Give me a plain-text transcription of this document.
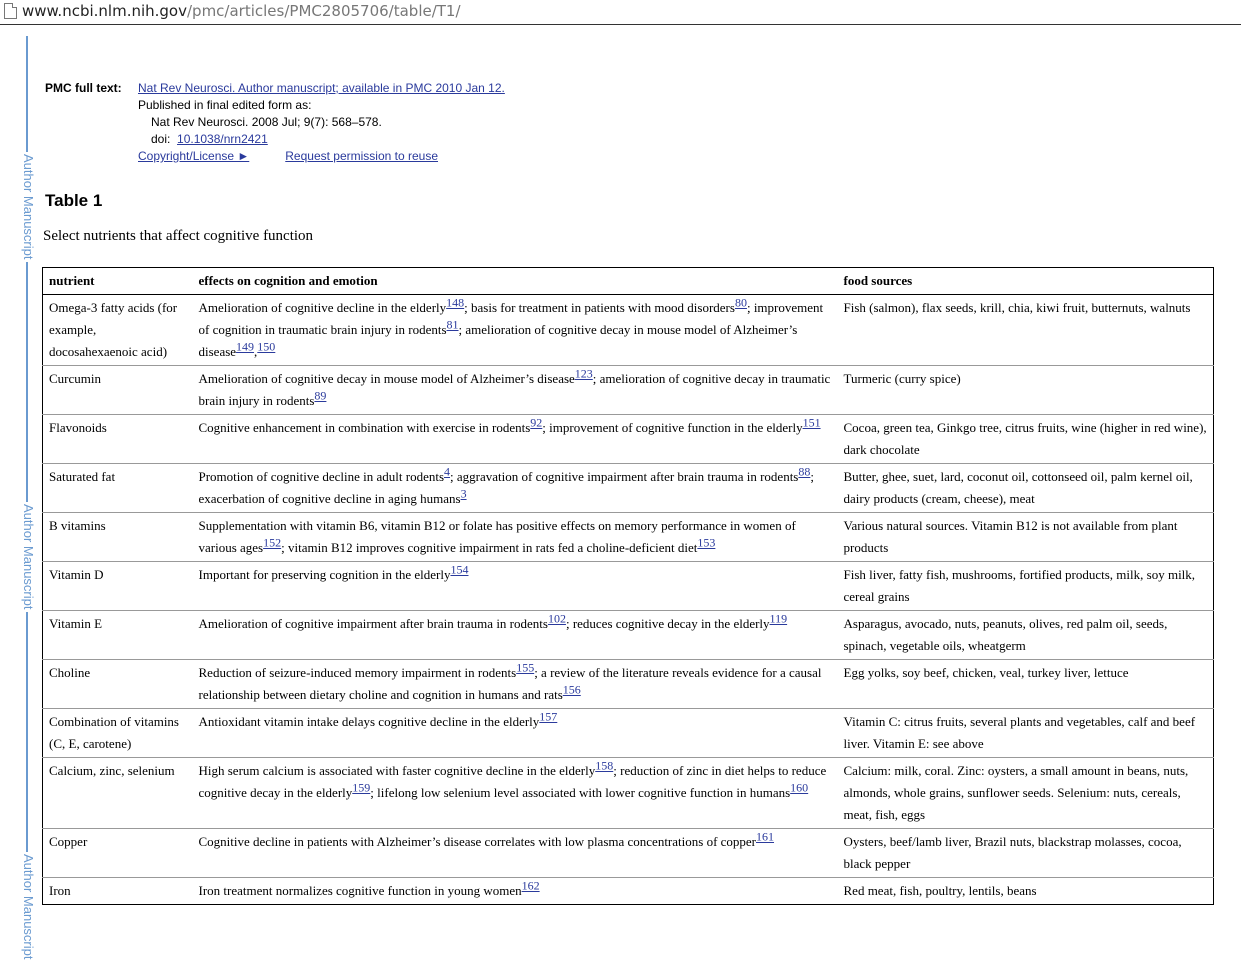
www.ncbi.nlm.nih.gov/pmc/articles/PMC2805706/table/T1/
Author Manuscript
Author Manuscript
Author Manuscript
PMC full text: Nat Rev Neurosci. Author manuscript; available in PMC 2010 Jan 12.
Published in final edited form as:
Nat Rev Neurosci. 2008 Jul; 9(7): 568–578.
doi: 10.1038/nrn2421
Copyright/License ►	Request permission to reuse
Table 1
Select nutrients that affect cognitive function
nutrient	effects on cognition and emotion	food sources
Omega-3 fatty acids (for example, docosahexaenoic acid)	Amelioration of cognitive decline in the elderly148; basis for treatment in patients with mood disorders80; improvement of cognition in traumatic brain injury in rodents81; amelioration of cognitive decay in mouse model of Alzheimer’s disease149,150	Fish (salmon), flax seeds, krill, chia, kiwi fruit, butternuts, walnuts
Curcumin	Amelioration of cognitive decay in mouse model of Alzheimer’s disease123; amelioration of cognitive decay in traumatic brain injury in rodents89	Turmeric (curry spice)
Flavonoids	Cognitive enhancement in combination with exercise in rodents92; improvement of cognitive function in the elderly151	Cocoa, green tea, Ginkgo tree, citrus fruits, wine (higher in red wine), dark chocolate
Saturated fat	Promotion of cognitive decline in adult rodents4; aggravation of cognitive impairment after brain trauma in rodents88; exacerbation of cognitive decline in aging humans3	Butter, ghee, suet, lard, coconut oil, cottonseed oil, palm kernel oil, dairy products (cream, cheese), meat
B vitamins	Supplementation with vitamin B6, vitamin B12 or folate has positive effects on memory performance in women of various ages152; vitamin B12 improves cognitive impairment in rats fed a choline-deficient diet153	Various natural sources. Vitamin B12 is not available from plant products
Vitamin D	Important for preserving cognition in the elderly154	Fish liver, fatty fish, mushrooms, fortified products, milk, soy milk, cereal grains
Vitamin E	Amelioration of cognitive impairment after brain trauma in rodents102; reduces cognitive decay in the elderly119	Asparagus, avocado, nuts, peanuts, olives, red palm oil, seeds, spinach, vegetable oils, wheatgerm
Choline	Reduction of seizure-induced memory impairment in rodents155; a review of the literature reveals evidence for a causal relationship between dietary choline and cognition in humans and rats156	Egg yolks, soy beef, chicken, veal, turkey liver, lettuce
Combination of vitamins (C, E, carotene)	Antioxidant vitamin intake delays cognitive decline in the elderly157	Vitamin C: citrus fruits, several plants and vegetables, calf and beef liver. Vitamin E: see above
Calcium, zinc, selenium	High serum calcium is associated with faster cognitive decline in the elderly158; reduction of zinc in diet helps to reduce cognitive decay in the elderly159; lifelong low selenium level associated with lower cognitive function in humans160	Calcium: milk, coral. Zinc: oysters, a small amount in beans, nuts, almonds, whole grains, sunflower seeds. Selenium: nuts, cereals, meat, fish, eggs
Copper	Cognitive decline in patients with Alzheimer’s disease correlates with low plasma concentrations of copper161	Oysters, beef/lamb liver, Brazil nuts, blackstrap molasses, cocoa, black pepper
Iron	Iron treatment normalizes cognitive function in young women162	Red meat, fish, poultry, lentils, beans
